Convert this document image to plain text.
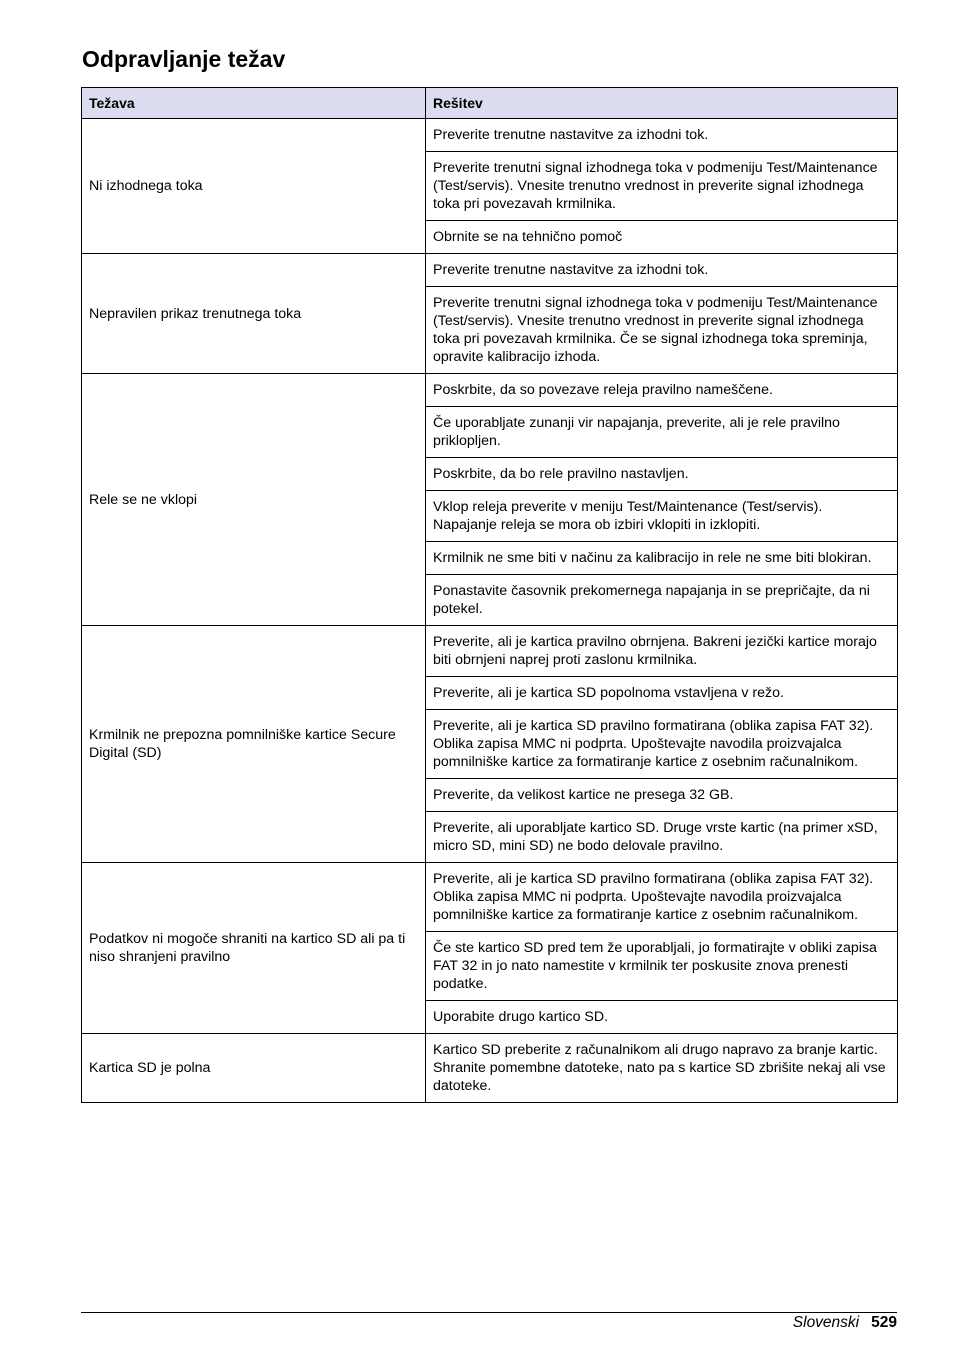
Odpravljanje težav
Težava	Rešitev
Ni izhodnega toka	Preverite trenutne nastavitve za izhodni tok.
	Preverite trenutni signal izhodnega toka v podmeniju Test/Maintenance (Test/servis). Vnesite trenutno vrednost in preverite signal izhodnega toka pri povezavah krmilnika.
	Obrnite se na tehnično pomoč
Nepravilen prikaz trenutnega toka	Preverite trenutne nastavitve za izhodni tok.
	Preverite trenutni signal izhodnega toka v podmeniju Test/Maintenance (Test/servis). Vnesite trenutno vrednost in preverite signal izhodnega toka pri povezavah krmilnika. Če se signal izhodnega toka spreminja, opravite kalibracijo izhoda.
Rele se ne vklopi	Poskrbite, da so povezave releja pravilno nameščene.
	Če uporabljate zunanji vir napajanja, preverite, ali je rele pravilno priklopljen.
	Poskrbite, da bo rele pravilno nastavljen.
	Vklop releja preverite v meniju Test/Maintenance (Test/servis). Napajanje releja se mora ob izbiri vklopiti in izklopiti.
	Krmilnik ne sme biti v načinu za kalibracijo in rele ne sme biti blokiran.
	Ponastavite časovnik prekomernega napajanja in se prepričajte, da ni potekel.
Krmilnik ne prepozna pomnilniške kartice Secure Digital (SD)	Preverite, ali je kartica pravilno obrnjena. Bakreni jezički kartice morajo biti obrnjeni naprej proti zaslonu krmilnika.
	Preverite, ali je kartica SD popolnoma vstavljena v režo.
	Preverite, ali je kartica SD pravilno formatirana (oblika zapisa FAT 32). Oblika zapisa MMC ni podprta. Upoštevajte navodila proizvajalca pomnilniške kartice za formatiranje kartice z osebnim računalnikom.
	Preverite, da velikost kartice ne presega 32 GB.
	Preverite, ali uporabljate kartico SD. Druge vrste kartic (na primer xSD, micro SD, mini SD) ne bodo delovale pravilno.
Podatkov ni mogoče shraniti na kartico SD ali pa ti niso shranjeni pravilno	Preverite, ali je kartica SD pravilno formatirana (oblika zapisa FAT 32). Oblika zapisa MMC ni podprta. Upoštevajte navodila proizvajalca pomnilniške kartice za formatiranje kartice z osebnim računalnikom.
	Če ste kartico SD pred tem že uporabljali, jo formatirajte v obliki zapisa FAT 32 in jo nato namestite v krmilnik ter poskusite znova prenesti podatke.
	Uporabite drugo kartico SD.
Kartica SD je polna	Kartico SD preberite z računalnikom ali drugo napravo za branje kartic. Shranite pomembne datoteke, nato pa s kartice SD zbrišite nekaj ali vse datoteke.
Slovenski 529
